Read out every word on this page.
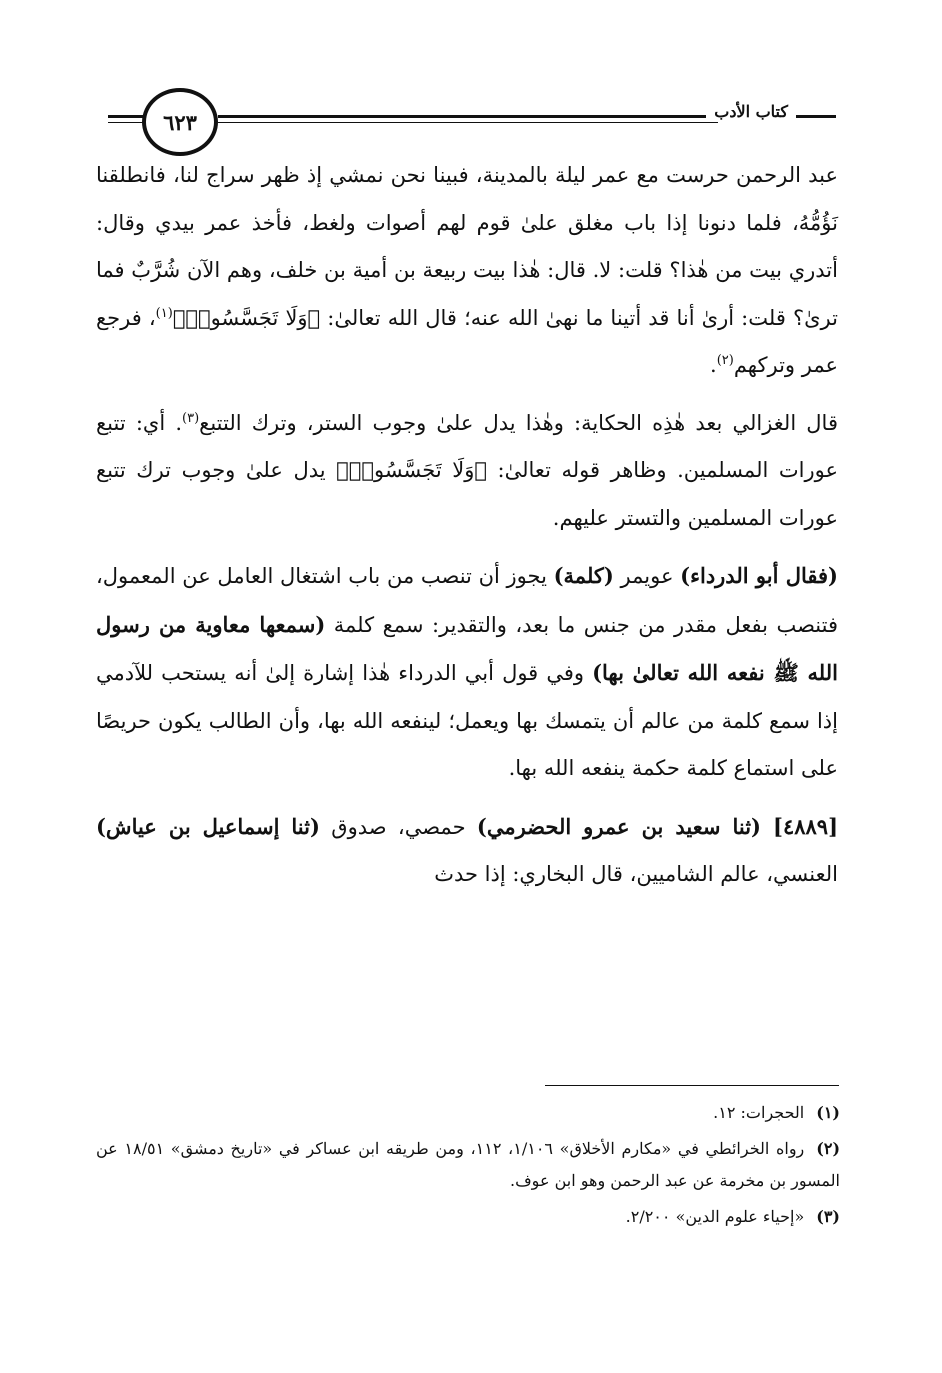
٦٢٣	كتاب الأدب

عبد الرحمن حرست مع عمر ليلة بالمدينة، فبينا نحن نمشي إذ ظهر سراج لنا، فانطلقنا نَؤُمُّهُ، فلما دنونا إذا باب مغلق علىٰ قوم لهم أصوات ولغط، فأخذ عمر بيدي وقال: أتدري بيت من هٰذا؟ قلت: لا. قال: هٰذا بيت ربيعة بن أمية بن خلف، وهم الآن شُرَّبٌ فما ترىٰ؟ قلت: أرىٰ أنا قد أتينا ما نهىٰ الله عنه؛ قال الله تعالىٰ: ﴿وَلَا تَجَسَّسُوا۟﴾$^{(١)}$، فرجع عمر وتركهم$^{(٢)}$.

قال الغزالي بعد هٰذِه الحكاية: وهٰذا يدل علىٰ وجوب الستر، وترك التتبع$^{(٣)}$. أي: تتبع عورات المسلمين. وظاهر قوله تعالىٰ: ﴿وَلَا تَجَسَّسُوا۟﴾ يدل علىٰ وجوب ترك تتبع عورات المسلمين والتستر عليهم.

(فقال أبو الدرداء) عويمر (كلمة) يجوز أن تنصب من باب اشتغال العامل عن المعمول، فتنصب بفعل مقدر من جنس ما بعد، والتقدير: سمع كلمة (سمعها معاوية من رسول الله ﷺ نفعه الله تعالىٰ بها) وفي قول أبي الدرداء هٰذا إشارة إلىٰ أنه يستحب للآدمي إذا سمع كلمة من عالم أن يتمسك بها ويعمل؛ لينفعه الله بها، وأن الطالب يكون حريصًا على استماع كلمة حكمة ينفعه الله بها.

[٤٨٨٩] (ثنا سعيد بن عمرو الحضرمي) حمصي، صدوق (ثنا إسماعيل بن عياش) العنسي، عالم الشاميين، قال البخاري: إذا حدث

(١)الحجرات: ١٢.

(٢)رواه الخرائطي في «مكارم الأخلاق» ١/١٠٦، ١١٢، ومن طريقه ابن عساكر في «تاريخ دمشق» ١٨/٥١ عن المسور بن مخرمة عن عبد الرحمن وهو ابن عوف.

(٣)«إحياء علوم الدين» ٢/٢٠٠.
